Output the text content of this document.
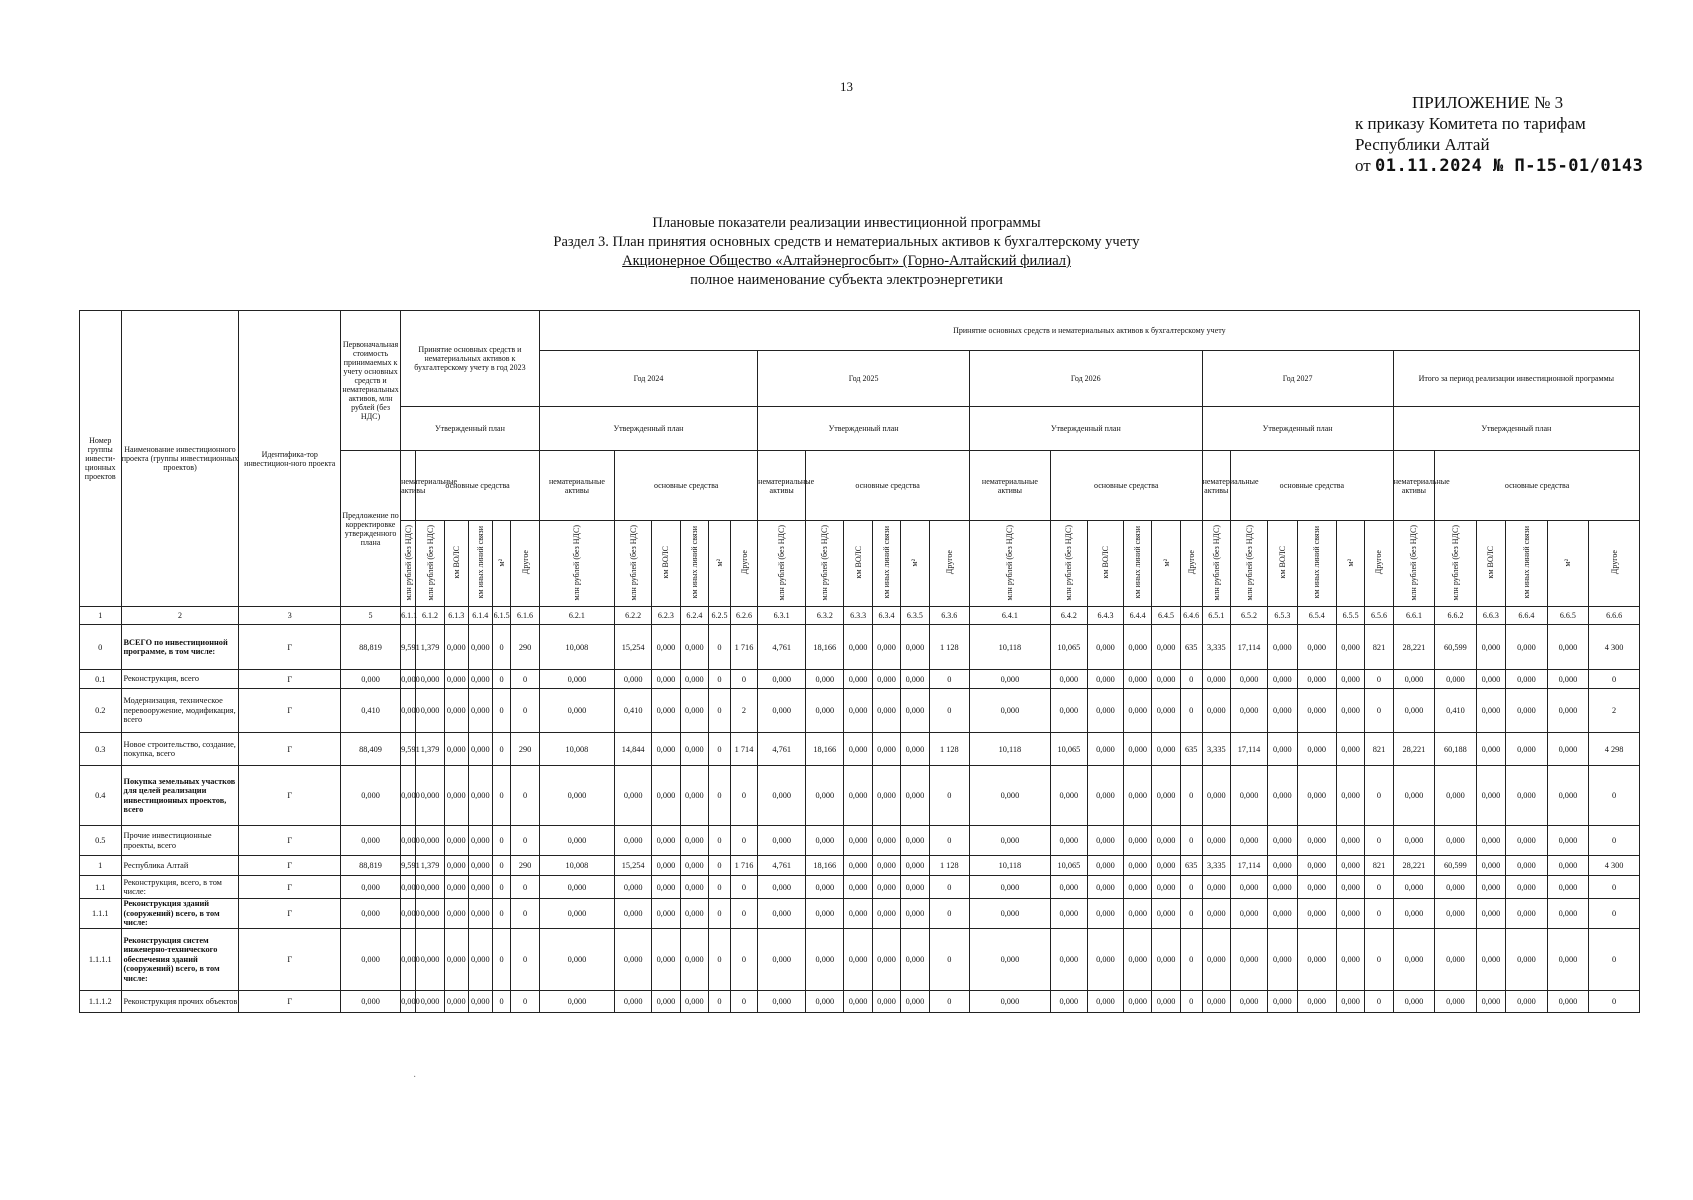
13
ПРИЛОЖЕНИЕ № 3
к приказу Комитета по тарифам
Республики Алтай
от 01.11.2024 № П-15-01/0143
Плановые показатели реализации инвестиционной программы
Раздел 3. План принятия основных средств и нематериальных активов к бухгалтерскому учету
Акционерное Общество «Алтайэнергосбыт» (Горно-Алтайский филиал)
полное наименование субъекта электроэнергетики
Номер группы инвести-ционных проектов	Наименование инвестиционного проекта (группы инвестиционных проектов)	Идентифика-тор инвестицион-ного проекта	Первоначальная стоимость принимаемых к учету основных средств и нематериальных активов, млн рублей (без НДС)	Принятие основных средств и нематериальных активов к бухгалтерскому учету в год 2023						Принятие основных средств и нематериальных активов к бухгалтерскому учету																													
										Год 2024						Год 2025						Год 2026						Год 2027						Итого за период реализации инвестиционной программы					
				Утвержденный план						Утвержденный план						Утвержденный план						Утвержденный план						Утвержденный план						Утвержденный план					
			Предложение по корректировке утвержденного плана	нематериальные активы	основные средства					нематериальные активы	основные средства					нематериальные активы	основные средства					нематериальные активы	основные средства					нематериальные активы	основные средства					нематериальные активы	основные средства				
				млн рублей (без НДС)	млн рублей (без НДС)	км ВОЛС	км иных линий связи	м²	Другое	млн рублей (без НДС)	млн рублей (без НДС)	км ВОЛС	км иных линий связи	м²	Другое	млн рублей (без НДС)	млн рублей (без НДС)	км ВОЛС	км иных линий связи	м²	Другое	млн рублей (без НДС)	млн рублей (без НДС)	км ВОЛС	км иных линий связи	м²	Другое	млн рублей (без НДС)	млн рублей (без НДС)	км ВОЛС	км иных линий связи	м²	Другое	млн рублей (без НДС)	млн рублей (без НДС)	км ВОЛС	км иных линий связи	м²	Другое
1	2	3	5	6.1.1	6.1.2	6.1.3	6.1.4	6.1.5	6.1.6	6.2.1	6.2.2	6.2.3	6.2.4	6.2.5	6.2.6	6.3.1	6.3.2	6.3.3	6.3.4	6.3.5	6.3.6	6.4.1	6.4.2	6.4.3	6.4.4	6.4.5	6.4.6	6.5.1	6.5.2	6.5.3	6.5.4	6.5.5	6.5.6	6.6.1	6.6.2	6.6.3	6.6.4	6.6.5	6.6.6
0	ВСЕГО по инвестиционной программе, в том числе:	Г	88,819	9,591	1,379	0,000	0,000	0	290	10,008	15,254	0,000	0,000	0	1 716	4,761	18,166	0,000	0,000	0,000	1 128	10,118	10,065	0,000	0,000	0,000	635	3,335	17,114	0,000	0,000	0,000	821	28,221	60,599	0,000	0,000	0,000	4 300
0.1	Реконструкция, всего	Г	0,000	0,000	0,000	0,000	0,000	0	0	0,000	0,000	0,000	0,000	0	0	0,000	0,000	0,000	0,000	0,000	0	0,000	0,000	0,000	0,000	0,000	0	0,000	0,000	0,000	0,000	0,000	0	0,000	0,000	0,000	0,000	0,000	0
0.2	Модернизация, техническое перевооружение, модификация, всего	Г	0,410	0,000	0,000	0,000	0,000	0	0	0,000	0,410	0,000	0,000	0	2	0,000	0,000	0,000	0,000	0,000	0	0,000	0,000	0,000	0,000	0,000	0	0,000	0,000	0,000	0,000	0,000	0	0,000	0,410	0,000	0,000	0,000	2
0.3	Новое строительство, создание, покупка, всего	Г	88,409	9,591	1,379	0,000	0,000	0	290	10,008	14,844	0,000	0,000	0	1 714	4,761	18,166	0,000	0,000	0,000	1 128	10,118	10,065	0,000	0,000	0,000	635	3,335	17,114	0,000	0,000	0,000	821	28,221	60,188	0,000	0,000	0,000	4 298
0.4	Покупка земельных участков для целей реализации инвестиционных проектов, всего	Г	0,000	0,000	0,000	0,000	0,000	0	0	0,000	0,000	0,000	0,000	0	0	0,000	0,000	0,000	0,000	0,000	0	0,000	0,000	0,000	0,000	0,000	0	0,000	0,000	0,000	0,000	0,000	0	0,000	0,000	0,000	0,000	0,000	0
0.5	Прочие инвестиционные проекты, всего	Г	0,000	0,000	0,000	0,000	0,000	0	0	0,000	0,000	0,000	0,000	0	0	0,000	0,000	0,000	0,000	0,000	0	0,000	0,000	0,000	0,000	0,000	0	0,000	0,000	0,000	0,000	0,000	0	0,000	0,000	0,000	0,000	0,000	0
1	Республика Алтай	Г	88,819	9,591	1,379	0,000	0,000	0	290	10,008	15,254	0,000	0,000	0	1 716	4,761	18,166	0,000	0,000	0,000	1 128	10,118	10,065	0,000	0,000	0,000	635	3,335	17,114	0,000	0,000	0,000	821	28,221	60,599	0,000	0,000	0,000	4 300
1.1	Реконструкция, всего, в том числе:	Г	0,000	0,000	0,000	0,000	0,000	0	0	0,000	0,000	0,000	0,000	0	0	0,000	0,000	0,000	0,000	0,000	0	0,000	0,000	0,000	0,000	0,000	0	0,000	0,000	0,000	0,000	0,000	0	0,000	0,000	0,000	0,000	0,000	0
1.1.1	Реконструкция зданий (сооружений) всего, в том числе:	Г	0,000	0,000	0,000	0,000	0,000	0	0	0,000	0,000	0,000	0,000	0	0	0,000	0,000	0,000	0,000	0,000	0	0,000	0,000	0,000	0,000	0,000	0	0,000	0,000	0,000	0,000	0,000	0	0,000	0,000	0,000	0,000	0,000	0
1.1.1.1	Реконструкция систем инженерно-технического обеспечения зданий (сооружений) всего, в том числе:	Г	0,000	0,000	0,000	0,000	0,000	0	0	0,000	0,000	0,000	0,000	0	0	0,000	0,000	0,000	0,000	0,000	0	0,000	0,000	0,000	0,000	0,000	0	0,000	0,000	0,000	0,000	0,000	0	0,000	0,000	0,000	0,000	0,000	0
1.1.1.2	Реконструкция прочих объектов	Г	0,000	0,000	0,000	0,000	0,000	0	0	0,000	0,000	0,000	0,000	0	0	0,000	0,000	0,000	0,000	0,000	0	0,000	0,000	0,000	0,000	0,000	0	0,000	0,000	0,000	0,000	0,000	0	0,000	0,000	0,000	0,000	0,000	0
·
